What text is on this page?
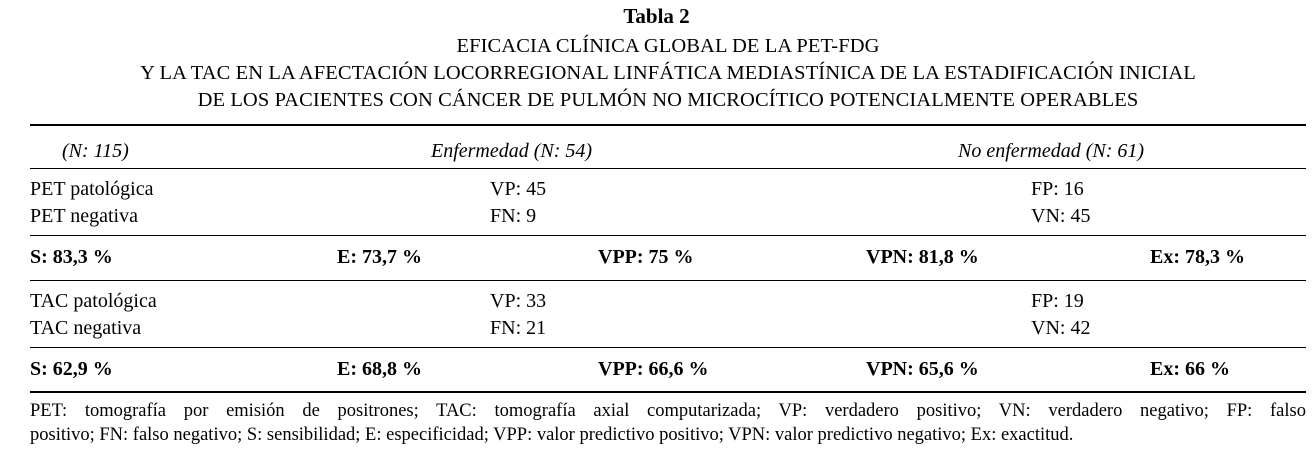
Tabla 2
EFICACIA CLÍNICA GLOBAL DE LA PET-FDG
Y LA TAC EN LA AFECTACIÓN LOCORREGIONAL LINFÁTICA MEDIASTÍNICA DE LA ESTADIFICACIÓN INICIAL
DE LOS PACIENTES CON CÁNCER DE PULMÓN NO MICROCÍTICO POTENCIALMENTE OPERABLES
(N: 115)	Enfermedad (N: 54)	No enfermedad (N: 61)
PET patológica	VP: 45	FP: 16
PET negativa	FN: 9	VN: 45
S: 83,3 %	E: 73,7 %	VPP: 75 %	VPN: 81,8 %	Ex: 78,3 %
TAC patológica	VP: 33	FP: 19
TAC negativa	FN: 21	VN: 42
S: 62,9 %	E: 68,8 %	VPP: 66,6 %	VPN: 65,6 %	Ex: 66 %
PET: tomografía por emisión de positrones; TAC: tomografía axial computarizada; VP: verdadero positivo; VN: verdadero negativo; FP: falso
positivo; FN: falso negativo; S: sensibilidad; E: especificidad; VPP: valor predictivo positivo; VPN: valor predictivo negativo; Ex: exactitud.
